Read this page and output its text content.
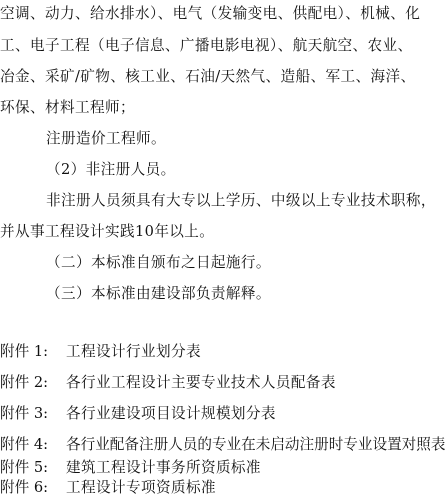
空调、动力、给水排水）、电气（发输变电、供配电）、机械、化
工、电子工程（电子信息、广播电影电视）、航天航空、农业、
冶金、采矿/矿物、核工业、石油/天然气、造船、军工、海洋、
环保、材料工程师；
注册造价工程师。
（2）非注册人员。
非注册人员须具有大专以上学历、中级以上专业技术职称，
并从事工程设计实践10年以上。
（二）本标准自颁布之日起施行。
（三）本标准由建设部负责解释。
附件 1: 工程设计行业划分表
附件 2: 各行业工程设计主要专业技术人员配备表
附件 3: 各行业建设项目设计规模划分表
附件 4: 各行业配备注册人员的专业在未启动注册时专业设置对照表
附件 5: 建筑工程设计事务所资质标准
附件 6: 工程设计专项资质标准
